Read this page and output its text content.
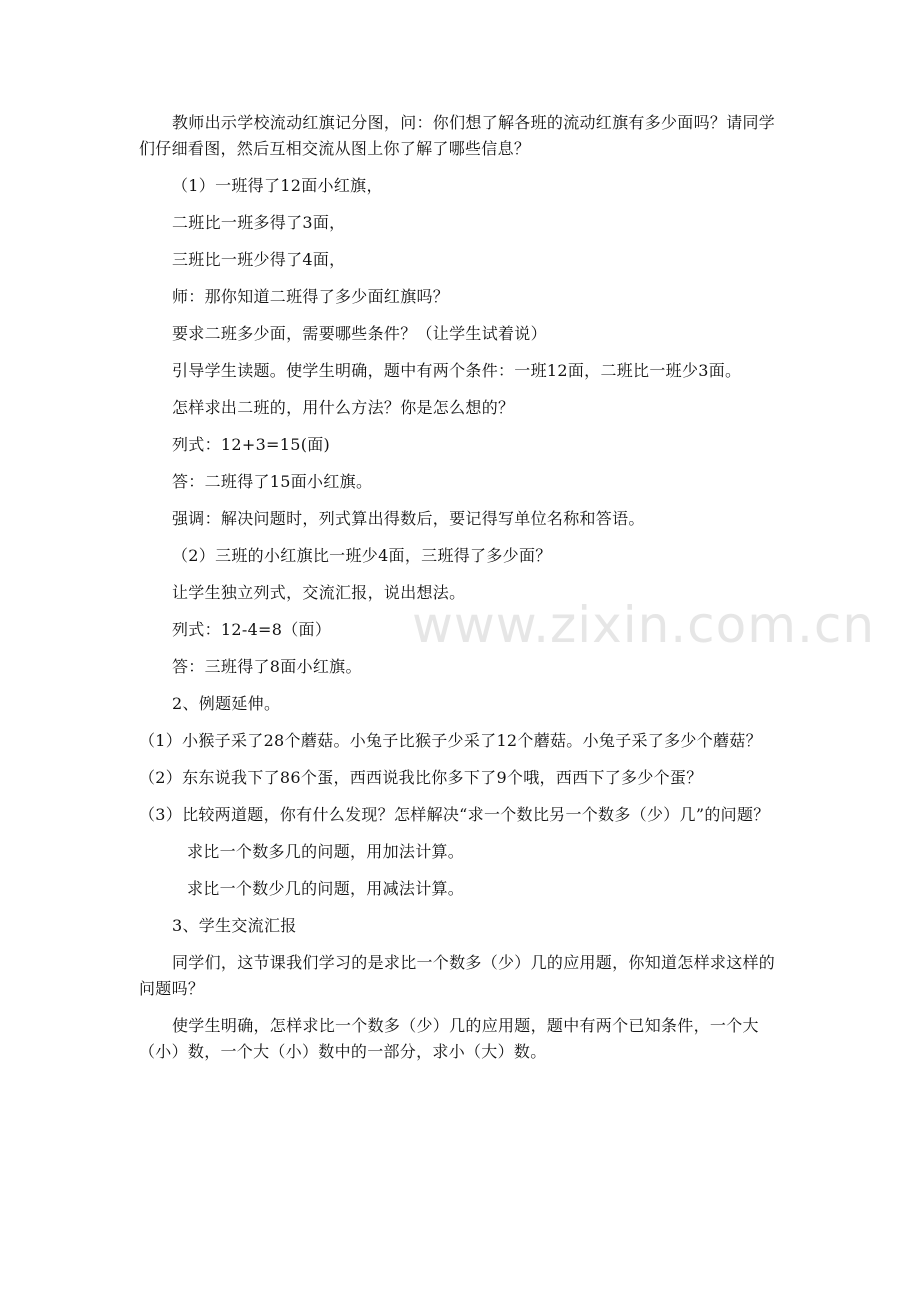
教师出示学校流动红旗记分图，问：你们想了解各班的流动红旗有多少面吗？请同学们仔细看图，然后互相交流从图上你了解了哪些信息？

（1）一班得了12面小红旗，

二班比一班多得了3面，

三班比一班少得了4面，

师：那你知道二班得了多少面红旗吗？

要求二班多少面，需要哪些条件？（让学生试着说）

引导学生读题。使学生明确，题中有两个条件：一班12面，二班比一班少3面。

怎样求出二班的，用什么方法？你是怎么想的？

列式：12+3=15(面)

答：二班得了15面小红旗。

强调：解决问题时，列式算出得数后，要记得写单位名称和答语。

（2）三班的小红旗比一班少4面，三班得了多少面？

让学生独立列式，交流汇报，说出想法。

列式：12-4=8（面）

答：三班得了8面小红旗。

2、例题延伸。

（1）小猴子采了28个蘑菇。小兔子比猴子少采了12个蘑菇。小兔子采了多少个蘑菇？

（2）东东说我下了86个蛋，西西说我比你多下了9个哦，西西下了多少个蛋？

（3）比较两道题，你有什么发现？怎样解决“求一个数比另一个数多（少）几”的问题？

求比一个数多几的问题，用加法计算。

求比一个数少几的问题，用减法计算。

3、学生交流汇报

同学们，这节课我们学习的是求比一个数多（少）几的应用题，你知道怎样求这样的问题吗？

使学生明确，怎样求比一个数多（少）几的应用题，题中有两个已知条件，一个大（小）数，一个大（小）数中的一部分，求小（大）数。

www.zixin.com.cn
